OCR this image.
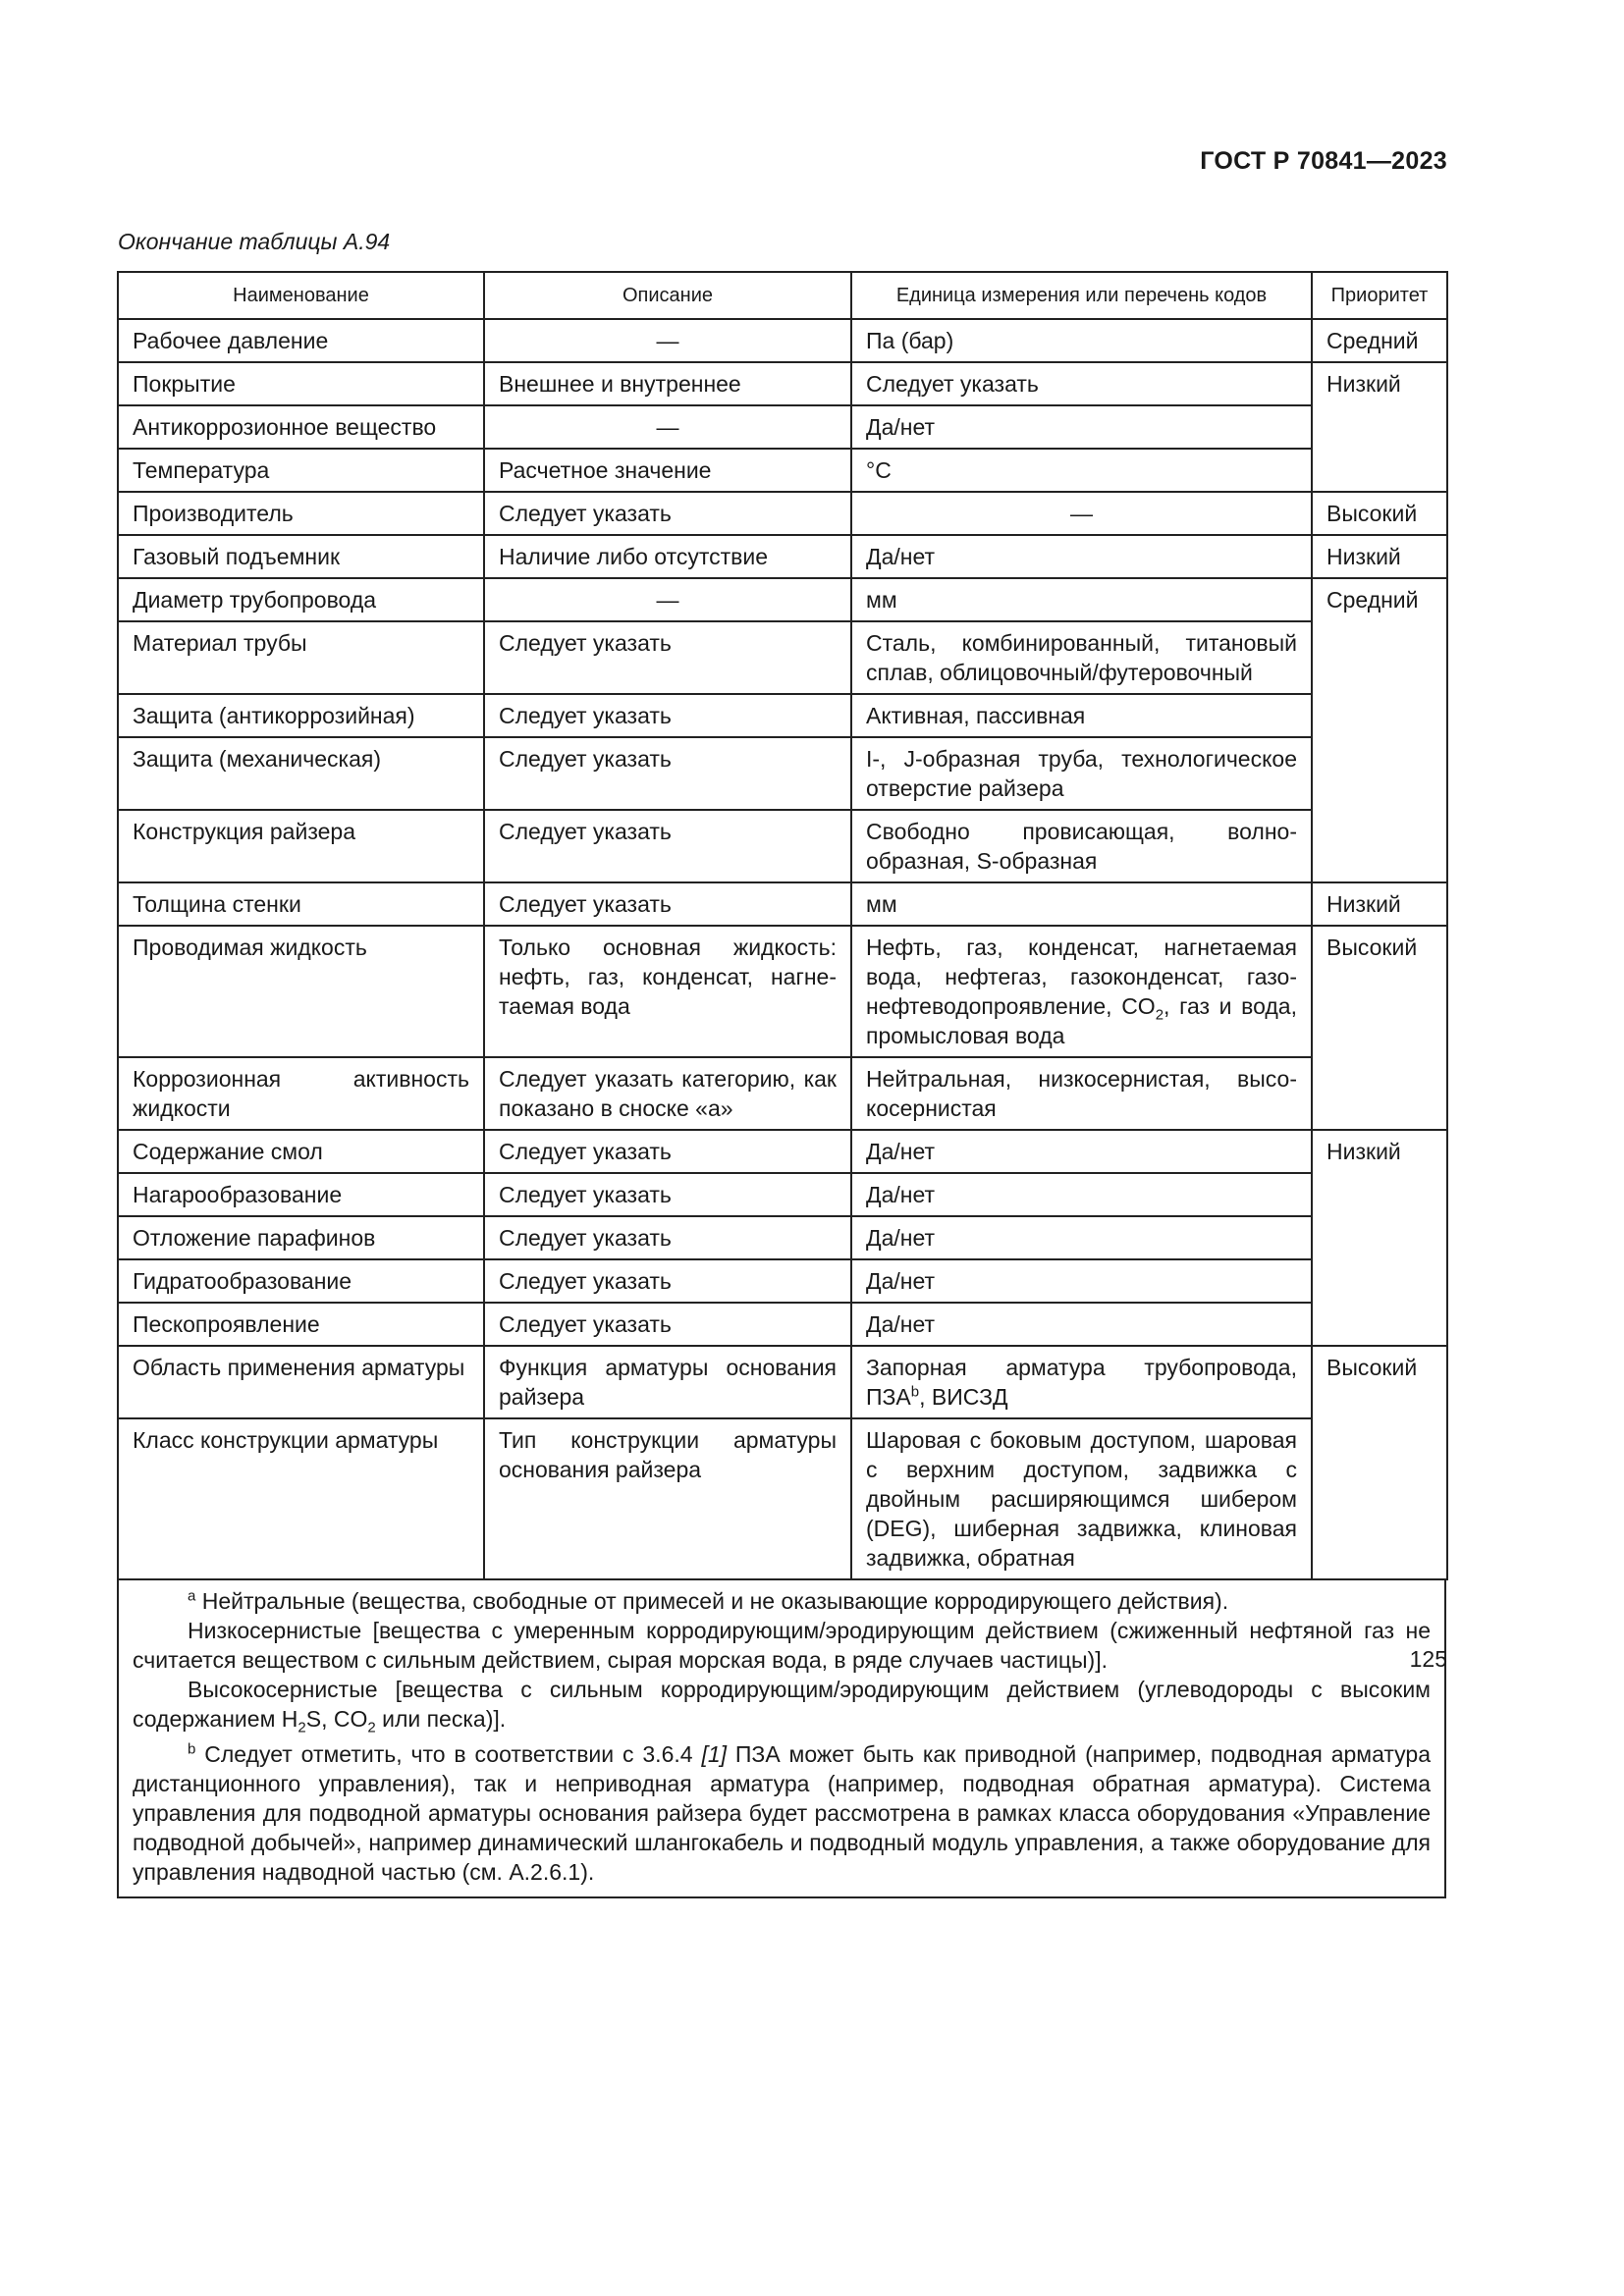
ГОСТ Р 70841—2023
Окончание таблицы А.94
Наименование	Описание	Единица измерения или перечень кодов	Приоритет
Рабочее давление	—	Па (бар)	Средний
Покрытие	Внешнее и внутреннее	Следует указать	Низкий
Антикоррозионное вещество	—	Да/нет	
Температура	Расчетное значение	°С	
Производитель	Следует указать	—	Высокий
Газовый подъемник	Наличие либо отсутствие	Да/нет	Низкий
Диаметр трубопровода	—	мм	Средний
Материал трубы	Следует указать	Сталь, комбинированный, титановый сплав, облицовочный/футеровочный	
Защита (антикоррозийная)	Следует указать	Активная, пассивная	
Защита (механическая)	Следует указать	I-, J-образная труба, технологическое отверстие райзера	
Конструкция райзера	Следует указать	Свободно провисающая, волнообразная, S-образная	
Толщина стенки	Следует указать	мм	Низкий
Проводимая жидкость	Только основная жидкость: нефть, газ, конденсат, нагнетаемая вода	Нефть, газ, конденсат, нагнетаемая вода, нефтегаз, газоконденсат, газонефтеводопроявление, $CO_2$, газ и вода, промысловая вода	Высокий
Коррозионная активность жидкости	Следует указать категорию, как показано в сноске «а»	Нейтральная, низкосернистая, высокосернистая	
Содержание смол	Следует указать	Да/нет	Низкий
Нагарообразование	Следует указать	Да/нет	
Отложение парафинов	Следует указать	Да/нет	
Гидратообразование	Следует указать	Да/нет	
Пескопроявление	Следует указать	Да/нет	
Область применения арматуры	Функция арматуры основания райзера	Запорная арматура трубопровода, ПЗА$^b$, ВИСЗД	Высокий
Класс конструкции арматуры	Тип конструкции арматуры основания райзера	Шаровая с боковым доступом, шаровая с верхним доступом, задвижка с двойным расширяющимся шибером (DEG), шиберная задвижка, клиновая задвижка, обратная	

$^a$ Нейтральные (вещества, свободные от примесей и не оказывающие корродирующего действия).

Низкосернистые [вещества с умеренным корродирующим/эродирующим действием (сжиженный нефтяной газ не считается веществом с сильным действием, сырая морская вода, в ряде случаев частицы)].

Высокосернистые [вещества с сильным корродирующим/эродирующим действием (углеводороды с высоким содержанием $H_2S$, $CO_2$ или песка)].

$^b$ Следует отметить, что в соответствии с 3.6.4 [1] ПЗА может быть как приводной (например, подводная арматура дистанционного управления), так и неприводная арматура (например, подводная обратная арматура). Система управления для подводной арматуры основания райзера будет рассмотрена в рамках класса оборудования «Управление подводной добычей», например динамический шлангокабель и подводный модуль управления, а также оборудование для управления надводной частью (см. А.2.6.1).

125
